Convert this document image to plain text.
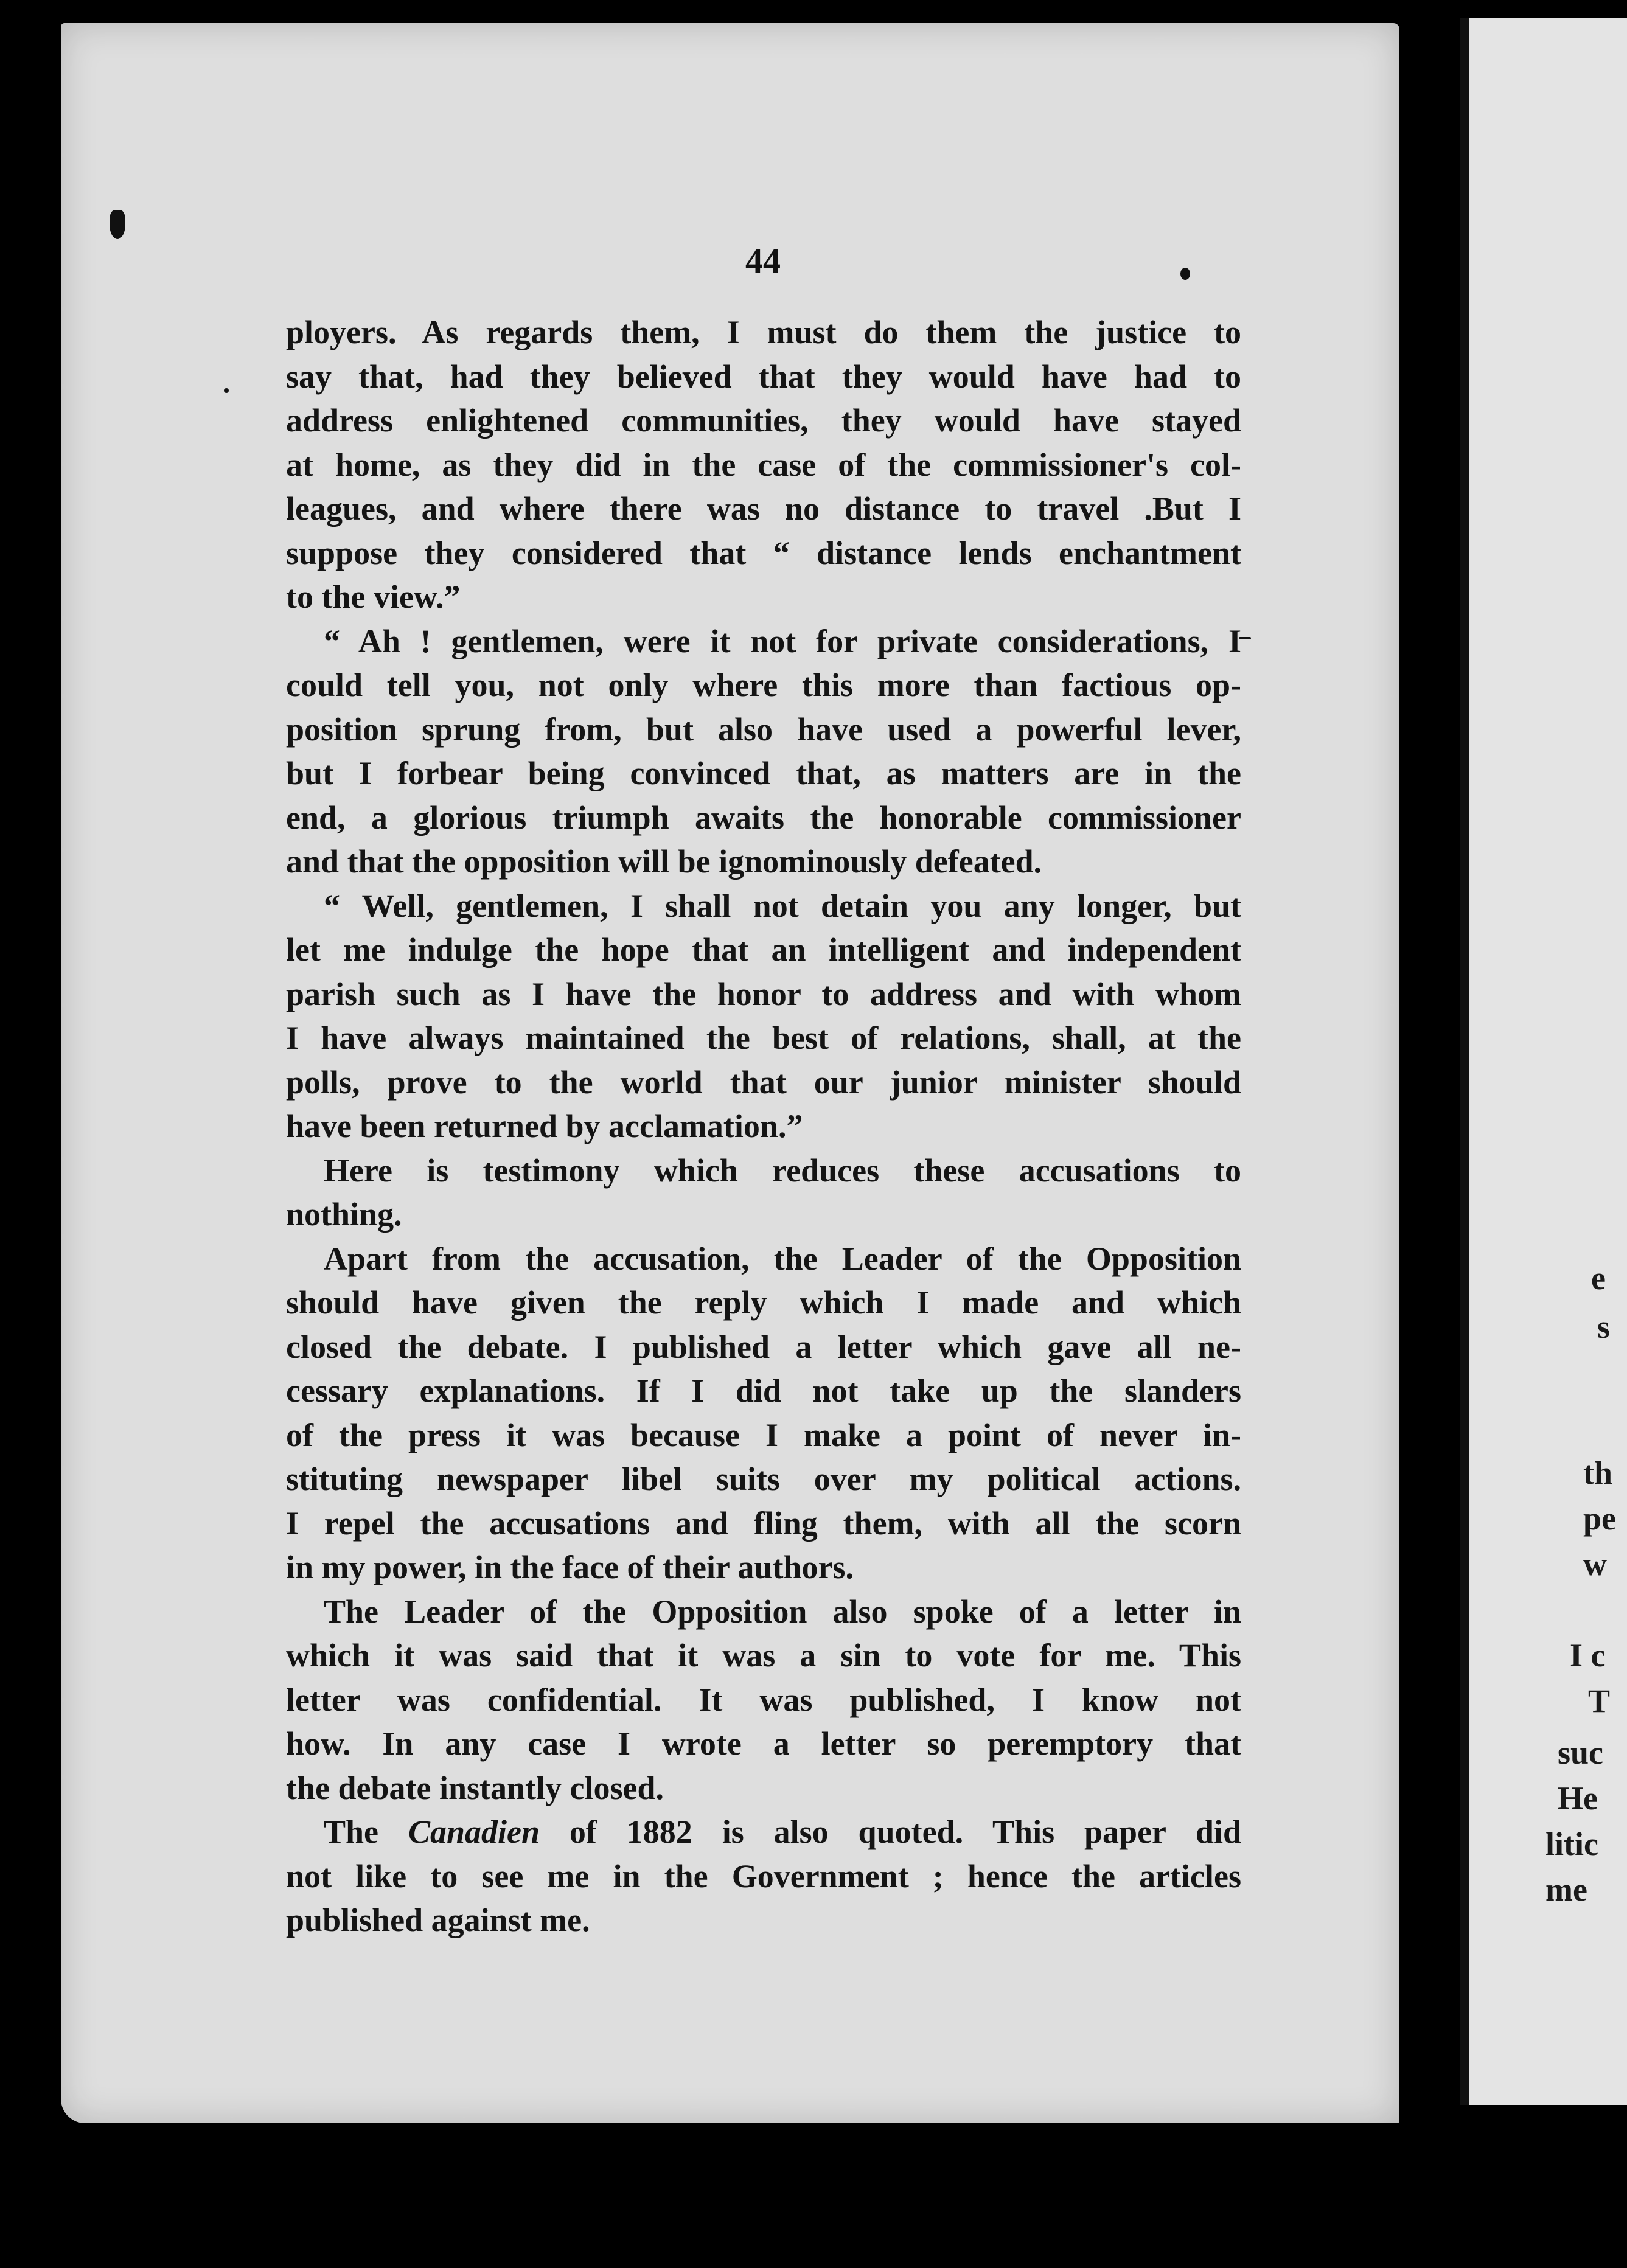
e
s
th
pe
w
I c
T
suc
He
litic
me
44

ployers. As regards them, I must do them the justice to
say that, had they believed that they would have had to
address enlightened communities, they would have stayed
at home, as they did in the case of the commissioner's col-
leagues, and where there was no distance to travel .But I
suppose they considered that “ distance lends enchantment
to the view.”

“ Ah ! gentlemen, were it not for private considerations, I
could tell you, not only where this more than factious op-
position sprung from, but also have used a powerful lever,
but I forbear being convinced that, as matters are in the
end, a glorious triumph awaits the honorable commissioner
and that the opposition will be ignominously defeated.

“ Well, gentlemen, I shall not detain you any longer, but
let me indulge the hope that an intelligent and independent
parish such as I have the honor to address and with whom
I have always maintained the best of relations, shall, at the
polls, prove to the world that our junior minister should
have been returned by acclamation.”

Here is testimony which reduces these accusations to
nothing.

Apart from the accusation, the Leader of the Opposition
should have given the reply which I made and which
closed the debate. I published a letter which gave all ne-
cessary explanations. If I did not take up the slanders
of the press it was because I make a point of never in-
stituting newspaper libel suits over my political actions.
I repel the accusations and fling them, with all the scorn
in my power, in the face of their authors.

The Leader of the Opposition also spoke of a letter in
which it was said that it was a sin to vote for me. This
letter was confidential. It was published, I know not
how. In any case I wrote a letter so peremptory that
the debate instantly closed.

The Canadien of 1882 is also quoted. This paper did
not like to see me in the Government ; hence the articles
published against me.
